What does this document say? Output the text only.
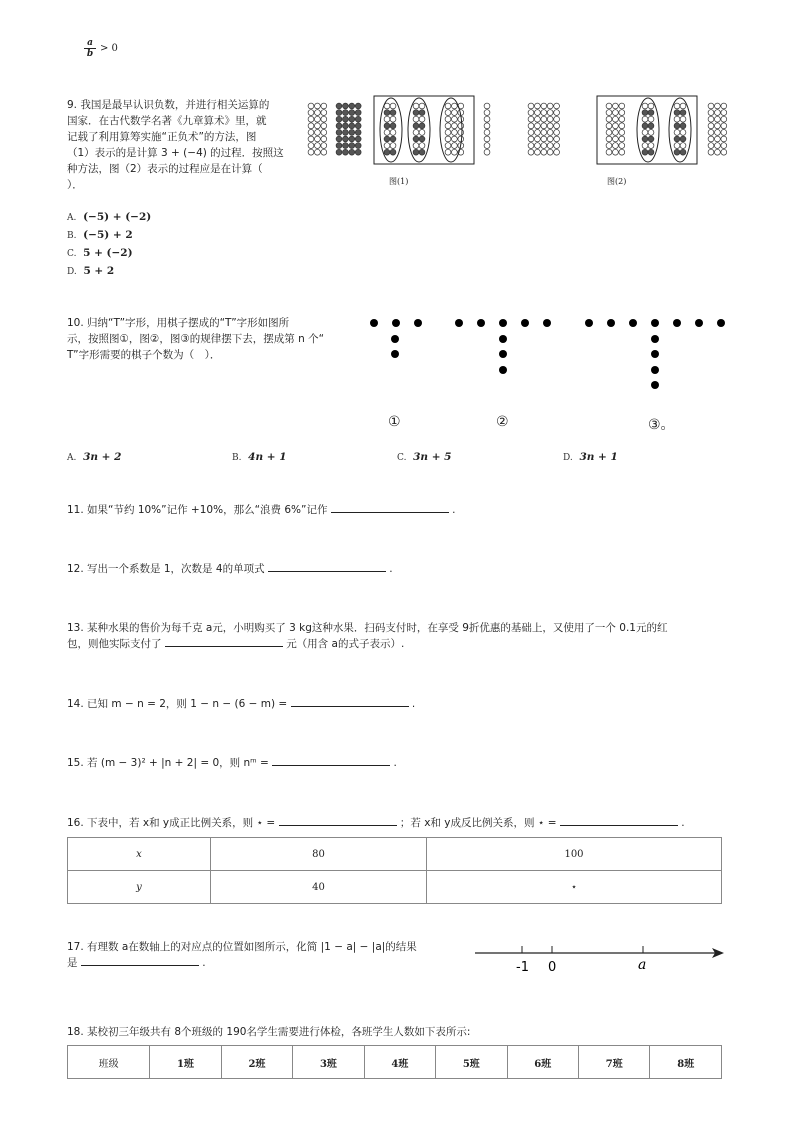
$\frac{a}{b} > 0$
9. 我国是最早认识负数，并进行相关运算的
国家．在古代数学名著《九章算术》里，就
记载了利用算筹实施“正负术”的方法，图
（1）表示的是计算 3 + (−4) 的过程．按照这
种方法，图（2）表示的过程应是在计算（
）．
A. (−5) + (−2)
B. (−5) + 2
C. 5 + (−2)
D. 5 + 2
图(1)	图(2)
10. 归纳“T”字形，用棋子摆成的“T”字形如图所
示，按照图①，图②，图③的规律摆下去，摆成第 n 个“
T”字形需要的棋子个数为（　）．
①	②	③。
A. 3n + 2	B. 4n + 1	C. 3n + 5	D. 3n + 1
11. 如果“节约 10%”记作 +10%，那么“浪费 6%”记作	.
12. 写出一个系数是 1，次数是 4的单项式	.
13. 某种水果的售价为每千克 a元，小明购买了 3 kg这种水果．扫码支付时，在享受 9折优惠的基础上，又使用了一个 0.1元的红
包，则他实际支付了	元（用含 a的式子表示）.
14. 已知 m − n = 2，则 1 − n − (6 − m) =	.
15. 若 (m − 3)² + |n + 2| = 0，则 nᵐ =	.
16. 下表中，若 x和 y成正比例关系，则 ⋆ =	；若 x和 y成反比例关系，则 ⋆ =	.
x	80	100
y	40	⋆
17. 有理数 a在数轴上的对应点的位置如图所示，化简 |1 − a| − |a|的结果
是	.	-1 0	a
18. 某校初三年级共有 8个班级的 190名学生需要进行体检，各班学生人数如下表所示:
班级	1班	2班	3班	4班	5班	6班	7班	8班
